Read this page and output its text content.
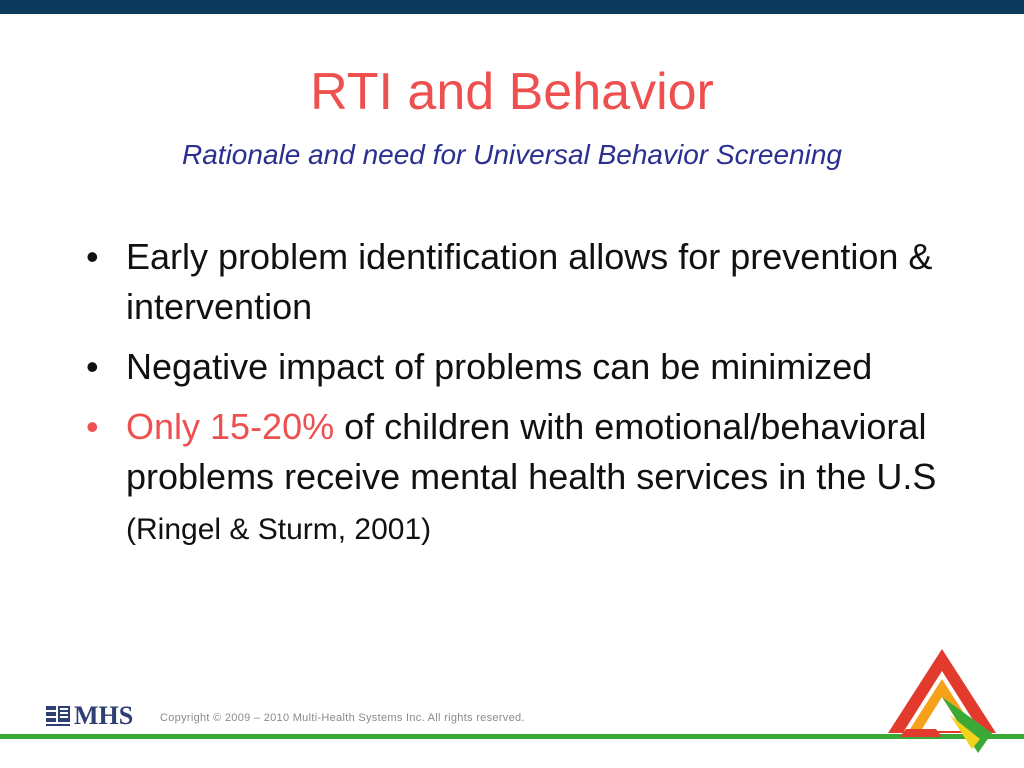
RTI and Behavior
Rationale and need for Universal Behavior Screening
• Early problem identification allows for prevention & intervention
• Negative impact of problems can be minimized
• Only 15-20% of children with emotional/behavioral problems receive mental health services in the U.S (Ringel & Sturm, 2001)
MHS Copyright © 2009 – 2010 Multi-Health Systems Inc. All rights reserved.
